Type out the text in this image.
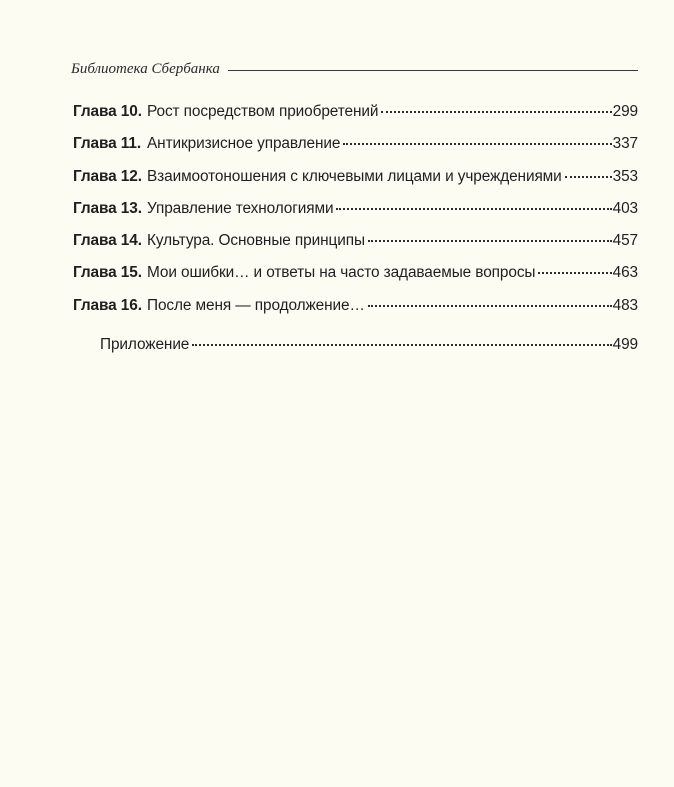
Библиотека Сбербанка
Глава 10. Рост посредством приобретений	299
Глава 11. Антикризисное управление	337
Глава 12. Взаимоотоношения с ключевыми лицами и учреждениями	353
Глава 13. Управление технологиями	403
Глава 14. Культура. Основные принципы	457
Глава 15. Мои ошибки… и ответы на часто задаваемые вопросы	463
Глава 16. После меня — продолжение…	483
Приложение	499
